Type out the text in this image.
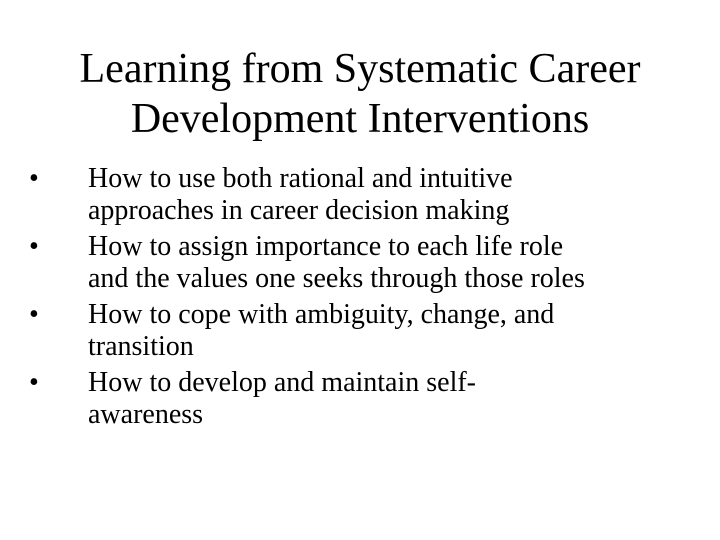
Learning from Systematic Career
Development Interventions
•	How to use both rational and intuitive
approaches in career decision making
•	How to assign importance to each life role
and the values one seeks through those roles
•	How to cope with ambiguity, change, and
transition
•	How to develop and maintain self-
awareness
